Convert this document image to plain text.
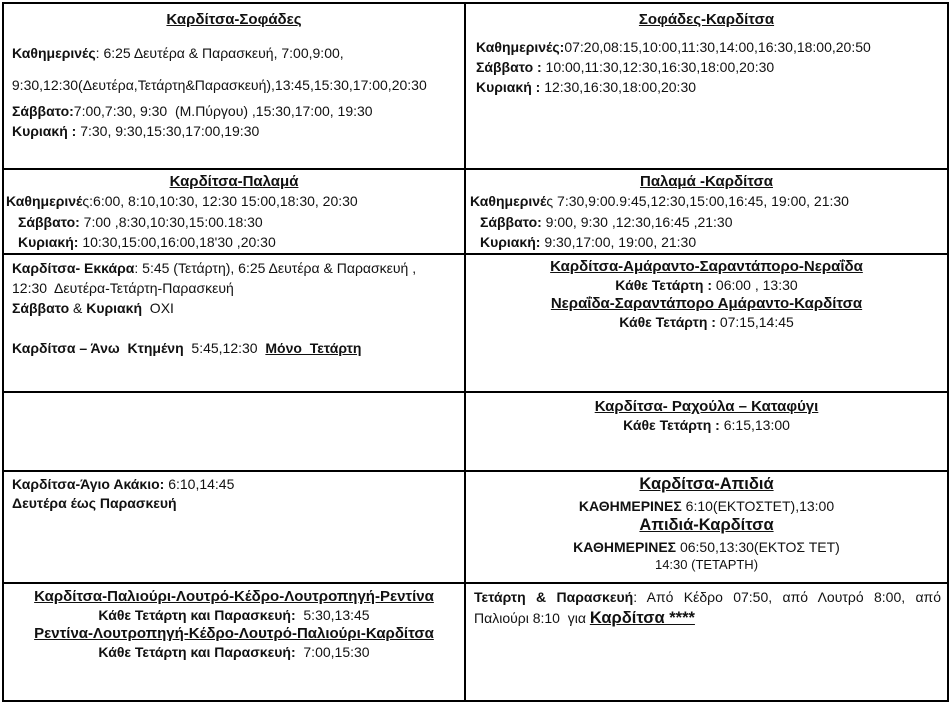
Καρδίτσα-Σοφάδες
Καθημερινές: 6:25 Δευτέρα & Παρασκευή, 7:00,9:00,
9:30,12:30(Δευτέρα,Τετάρτη&Παρασκευή),13:45,15:30,17:00,20:30
Σάββατο:7:00,7:30, 9:30  (Μ.Πύργου) ,15:30,17:00, 19:30
Κυριακή : 7:30, 9:30,15:30,17:00,19:30

Σοφάδες-Καρδίτσα
Καθημερινές:07:20,08:15,10:00,11:30,14:00,16:30,18:00,20:50
Σάββατο : 10:00,11:30,12:30,16:30,18:00,20:30
Κυριακή : 12:30,16:30,18:00,20:30

Καρδίτσα-Παλαμά
Καθημερινές:6:00, 8:10,10:30, 12:30 15:00,18:30, 20:30
Σάββατο: 7:00 ,8:30,10:30,15:00.18:30
Κυριακή: 10:30,15:00,16:00,18'30 ,20:30

Παλαμά -Καρδίτσα
Καθημερινές 7:30,9:00.9:45,12:30,15:00,16:45, 19:00, 21:30
Σάββατο: 9:00, 9:30 ,12:30,16:45 ,21:30
Κυριακή: 9:30,17:00, 19:00, 21:30

Καρδίτσα- Εκκάρα: 5:45 (Τετάρτη), 6:25 Δευτέρα & Παρασκευή ,
12:30  Δευτέρα-Τετάρτη-Παρασκευή
Σάββατο & Κυριακή  ΟΧΙ
Καρδίτσα – Άνω  Κτημένη  5:45,12:30  Μόνο  Τετάρτη

Καρδίτσα-Αμάραντο-Σαραντάπορο-Νεραΐδα
Κάθε Τετάρτη : 06:00 , 13:30
Νεραΐδα-Σαραντάπορο Αμάραντο-Καρδίτσα
Κάθε Τετάρτη : 07:15,14:45

	Καρδίτσα- Ραχούλα – Καταφύγι
Κάθε Τετάρτη : 6:15,13:00

Καρδίτσα-Άγιο Ακάκιο: 6:10,14:45
Δευτέρα έως Παρασκευή

Καρδίτσα-Απιδιά
ΚΑΘΗΜΕΡΙΝΕΣ 6:10(ΕΚΤΟΣΤΕΤ),13:00
Απιδιά-Καρδίτσα
ΚΑΘΗΜΕΡΙΝΕΣ 06:50,13:30(ΕΚΤΟΣ ΤΕΤ)
14:30 (ΤΕΤΑΡΤΗ)

Καρδίτσα-Παλιούρι-Λουτρό-Κέδρο-Λουτροπηγή-Ρεντίνα
Κάθε Τετάρτη και Παρασκευή:  5:30,13:45
Ρεντίνα-Λουτροπηγή-Κέδρο-Λουτρό-Παλιούρι-Καρδίτσα
Κάθε Τετάρτη και Παρασκευή:  7:00,15:30

Τετάρτη & Παρασκευή: Από Κέδρο 07:50, από Λουτρό 8:00, από
Παλιούρι 8:10  για Καρδίτσα ****
